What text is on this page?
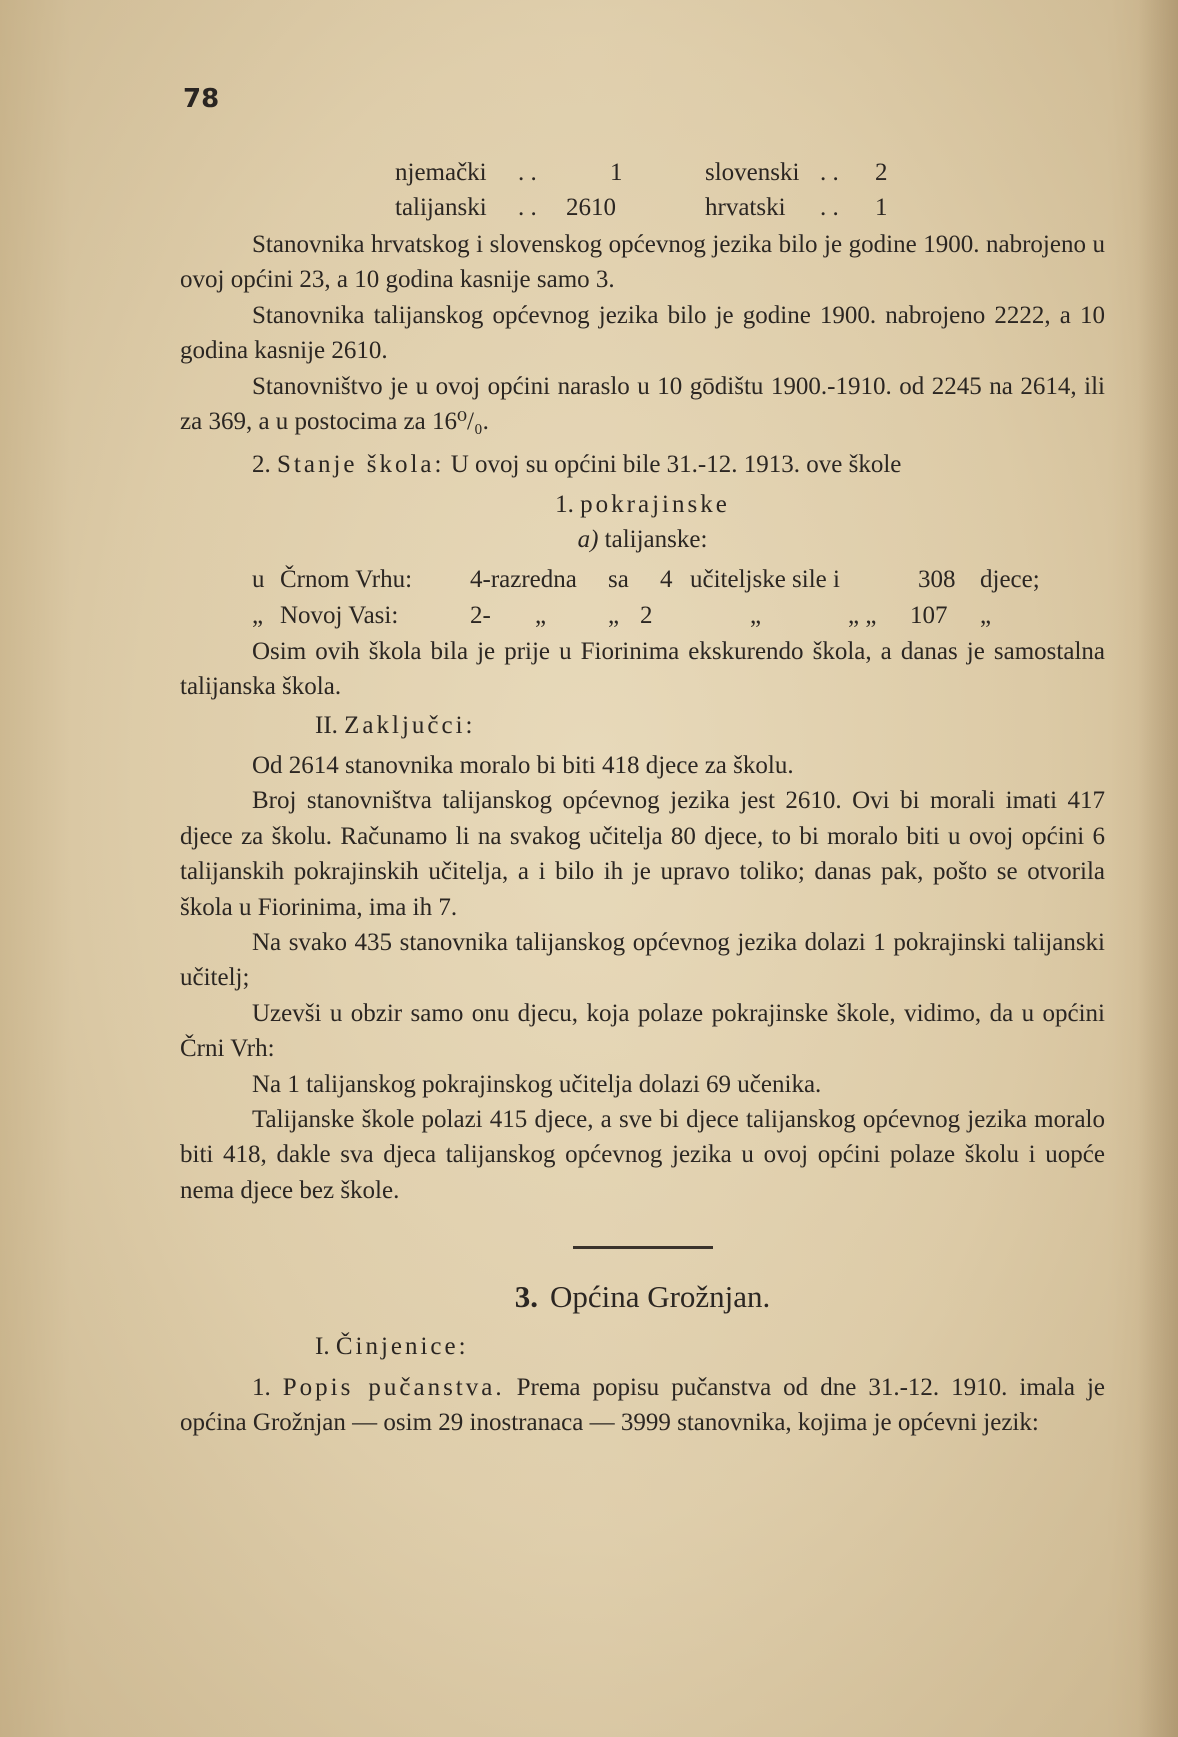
78
njemački . .	1	slovenski . . 2
talijanski . . 2610	hrvatski . . 1

Stanovnika hrvatskog i slovenskog općevnog jezika bilo je godine 1900. nabrojeno u ovoj općini 23, a 10 godina kasnije samo 3.

Stanovnika talijanskog općevnog jezika bilo je godine 1900. nabrojeno 2222, a 10 godina kasnije 2610.

Stanovništvo je u ovoj općini naraslo u 10 gōdištu 1900.-1910. od 2245 na 2614, ili za 369, a u postocima za 16⁰/₀.

2. Stanje škola: U ovoj su općini bile 31.-12. 1913. ove škole

1. pokrajinske

a) talijanske:

u Črnom Vrhu: 4-razredna sa 4 učiteljske sile i	308 djece;
„ Novoj Vasi:	2- „ „ 2	„	„ „ 107 „

Osim ovih škola bila je prije u Fiorinima ekskurendo škola, a danas je samostalna talijanska škola.

II. Zaključci:

Od 2614 stanovnika moralo bi biti 418 djece za školu.

Broj stanovništva talijanskog općevnog jezika jest 2610. Ovi bi morali imati 417 djece za školu. Računamo li na svakog učitelja 80 djece, to bi moralo biti u ovoj općini 6 talijanskih pokrajinskih učitelja, a i bilo ih je upravo toliko; danas pak, pošto se otvorila škola u Fiorinima, ima ih 7.

Na svako 435 stanovnika talijanskog općevnog jezika dolazi 1 pokrajinski talijanski učitelj;

Uzevši u obzir samo onu djecu, koja polaze pokrajinske škole, vidimo, da u općini Črni Vrh:

Na 1 talijanskog pokrajinskog učitelja dolazi 69 učenika.

Talijanske škole polazi 415 djece, a sve bi djece talijanskog općevnog jezika moralo biti 418, dakle sva djeca talijanskog općevnog jezika u ovoj općini polaze školu i uopće nema djece bez škole.

3. Općina Grožnjan.

I. Činjenice:

1. Popis pučanstva. Prema popisu pučanstva od dne 31.-12. 1910. imala je općina Grožnjan — osim 29 inostranaca — 3999 stanovnika, kojima je općevni jezik:
